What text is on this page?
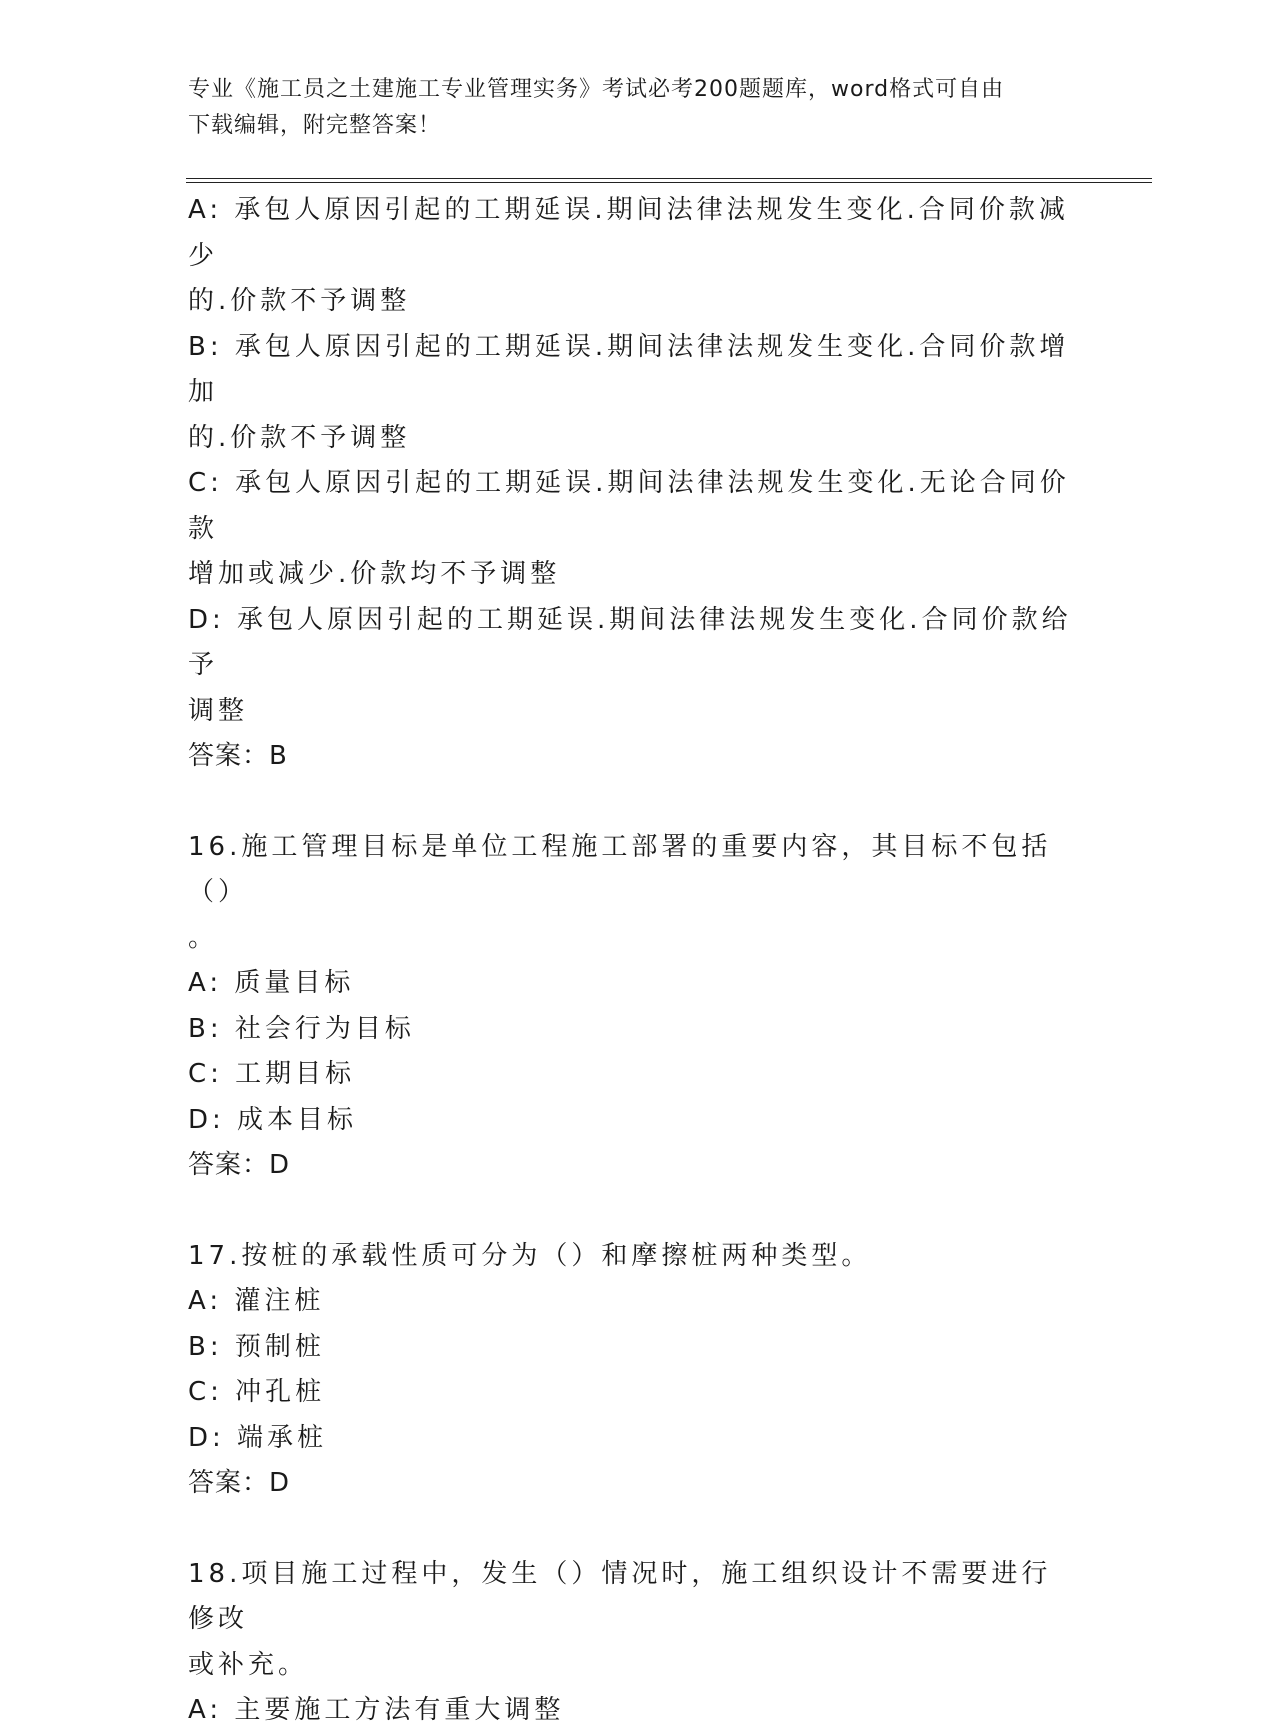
专业《施工员之土建施工专业管理实务》考试必考200题题库，word格式可自由
下载编辑，附完整答案！

A: 承包人原因引起的工期延误.期间法律法规发生变化.合同价款减少

的.价款不予调整

B: 承包人原因引起的工期延误.期间法律法规发生变化.合同价款增加

的.价款不予调整

C: 承包人原因引起的工期延误.期间法律法规发生变化.无论合同价款

增加或减少.价款均不予调整

D: 承包人原因引起的工期延误.期间法律法规发生变化.合同价款给予

调整

答案：B

16.施工管理目标是单位工程施工部署的重要内容，其目标不包括（）

。

A: 质量目标

B: 社会行为目标

C: 工期目标

D: 成本目标

答案：D

17.按桩的承载性质可分为（）和摩擦桩两种类型。

A: 灌注桩

B: 预制桩

C: 冲孔桩

D: 端承桩

答案：D

18.项目施工过程中，发生（）情况时，施工组织设计不需要进行修改

或补充。

A: 主要施工方法有重大调整
